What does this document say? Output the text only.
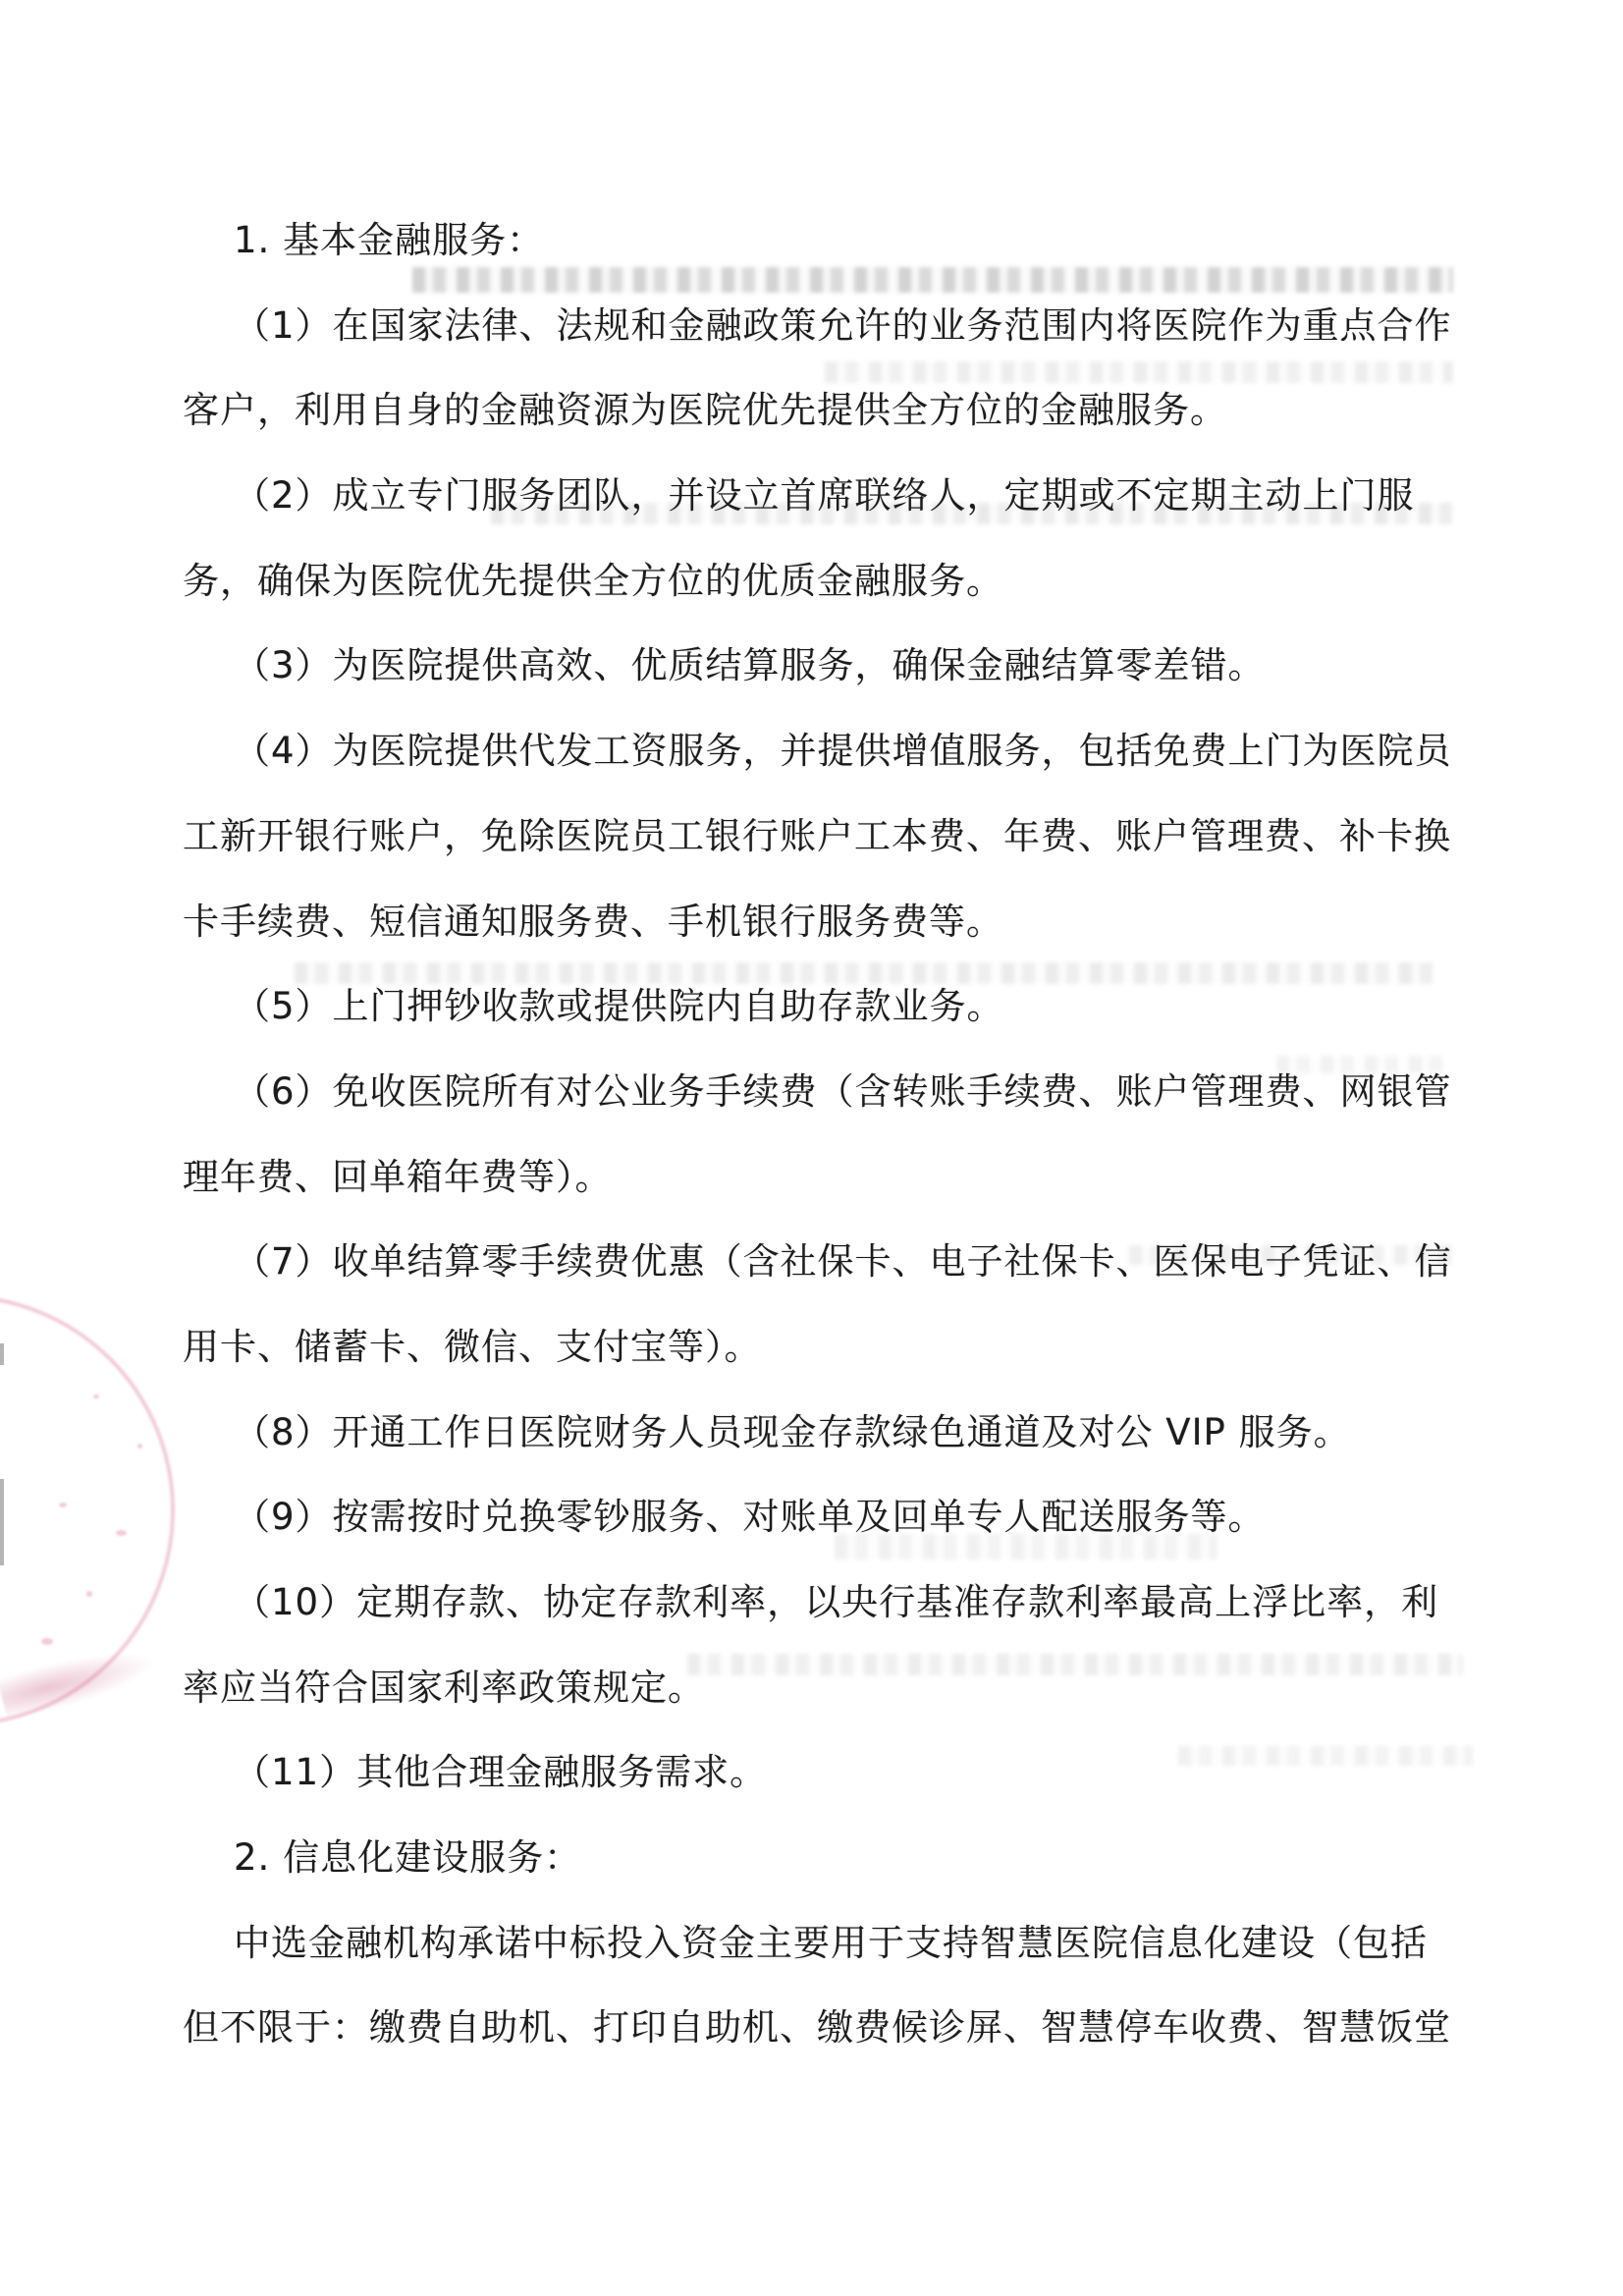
1. 基本金融服务：
（1）在国家法律、法规和金融政策允许的业务范围内将医院作为重点合作
客户，利用自身的金融资源为医院优先提供全方位的金融服务。
（2）成立专门服务团队，并设立首席联络人，定期或不定期主动上门服
务，确保为医院优先提供全方位的优质金融服务。
（3）为医院提供高效、优质结算服务，确保金融结算零差错。
（4）为医院提供代发工资服务，并提供增值服务，包括免费上门为医院员
工新开银行账户，免除医院员工银行账户工本费、年费、账户管理费、补卡换
卡手续费、短信通知服务费、手机银行服务费等。
（5）上门押钞收款或提供院内自助存款业务。
（6）免收医院所有对公业务手续费（含转账手续费、账户管理费、网银管
理年费、回单箱年费等）。
（7）收单结算零手续费优惠（含社保卡、电子社保卡、医保电子凭证、信
用卡、储蓄卡、微信、支付宝等）。
（8）开通工作日医院财务人员现金存款绿色通道及对公 VIP 服务。
（9）按需按时兑换零钞服务、对账单及回单专人配送服务等。
（10）定期存款、协定存款利率，以央行基准存款利率最高上浮比率，利
率应当符合国家利率政策规定。
（11）其他合理金融服务需求。
2. 信息化建设服务：
中选金融机构承诺中标投入资金主要用于支持智慧医院信息化建设（包括
但不限于：缴费自助机、打印自助机、缴费候诊屏、智慧停车收费、智慧饭堂
